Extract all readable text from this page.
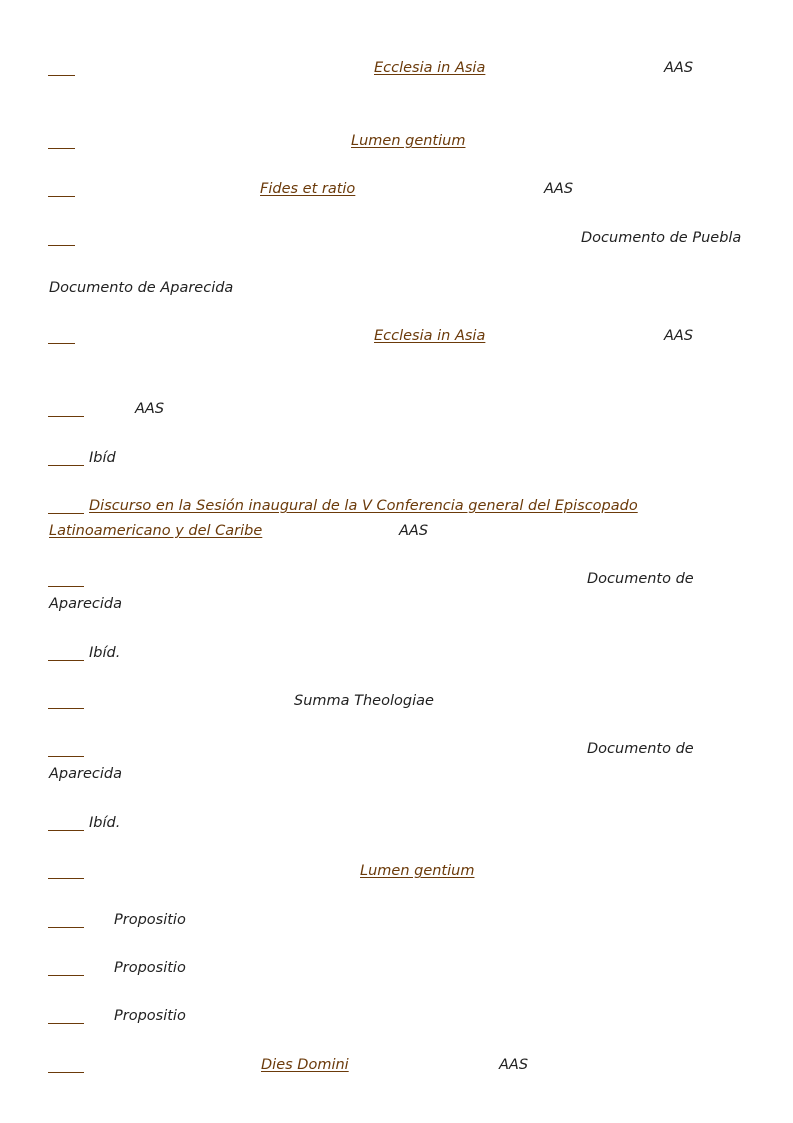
Ecclesia in Asia	AAS
Lumen gentium
Fides et ratio	AAS
Documento de Puebla
Documento de Aparecida
Ecclesia in Asia	AAS
AAS
Ibíd
Discurso en la Sesión inaugural de la V Conferencia general del Episcopado
Latinoamericano y del Caribe	AAS
Documento de
Aparecida
Ibíd.
Summa Theologiae
Documento de
Aparecida
Ibíd.
Lumen gentium
Propositio
Propositio
Propositio
Dies Domini	AAS
